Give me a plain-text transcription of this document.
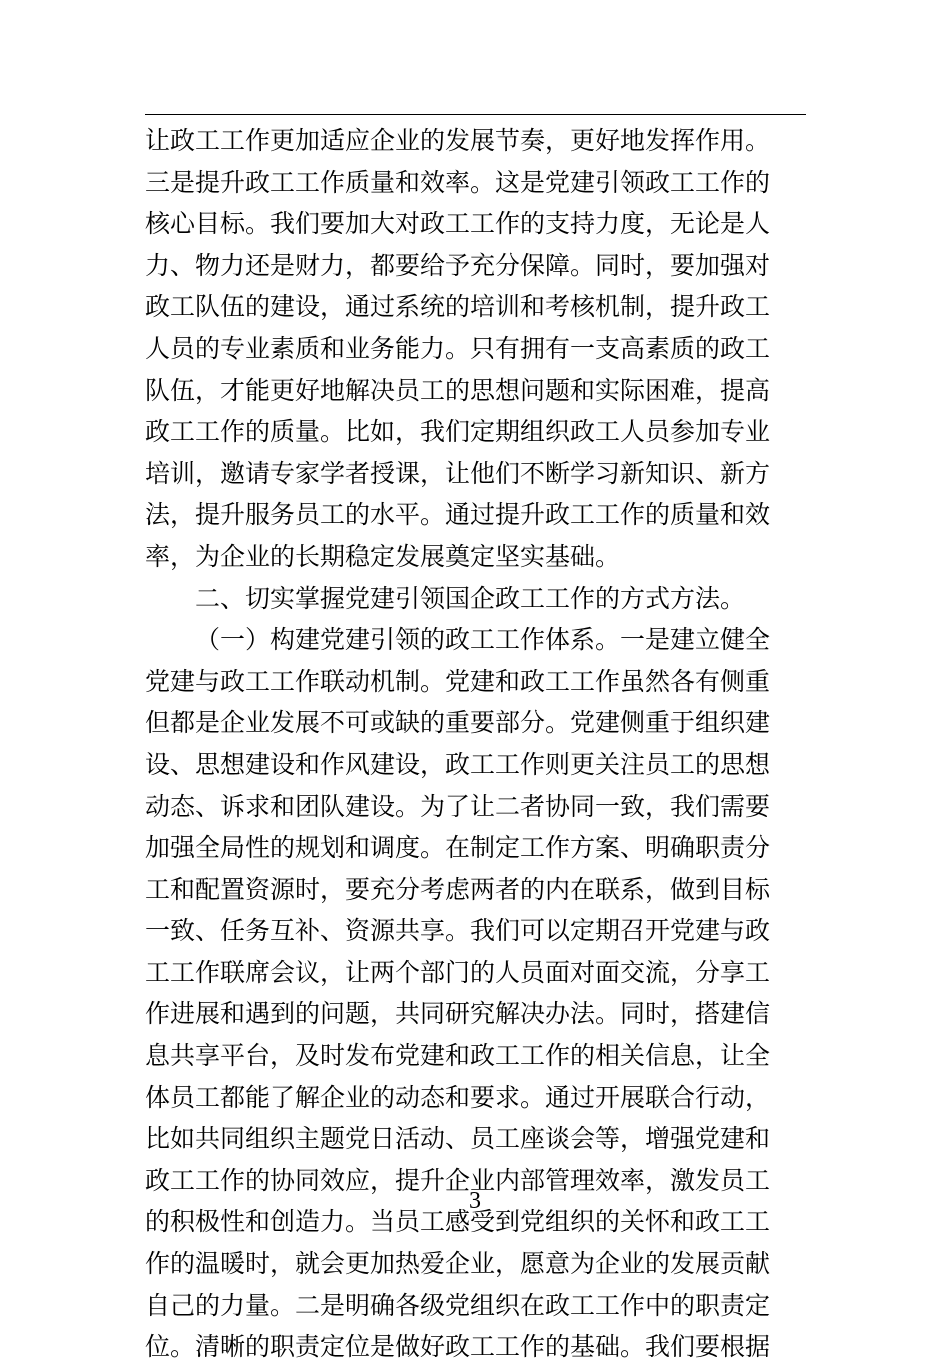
让政工工作更加适应企业的发展节奏，更好地发挥作用。
三是提升政工工作质量和效率。这是党建引领政工工作的
核心目标。我们要加大对政工工作的支持力度，无论是人
力、物力还是财力，都要给予充分保障。同时，要加强对
政工队伍的建设，通过系统的培训和考核机制，提升政工
人员的专业素质和业务能力。只有拥有一支高素质的政工
队伍，才能更好地解决员工的思想问题和实际困难，提高
政工工作的质量。比如，我们定期组织政工人员参加专业
培训，邀请专家学者授课，让他们不断学习新知识、新方
法，提升服务员工的水平。通过提升政工工作的质量和效
率，为企业的长期稳定发展奠定坚实基础。
二、切实掌握党建引领国企政工工作的方式方法。
（一）构建党建引领的政工工作体系。一是建立健全
党建与政工工作联动机制。党建和政工工作虽然各有侧重
但都是企业发展不可或缺的重要部分。党建侧重于组织建
设、思想建设和作风建设，政工工作则更关注员工的思想
动态、诉求和团队建设。为了让二者协同一致，我们需要
加强全局性的规划和调度。在制定工作方案、明确职责分
工和配置资源时，要充分考虑两者的内在联系，做到目标
一致、任务互补、资源共享。我们可以定期召开党建与政
工工作联席会议，让两个部门的人员面对面交流，分享工
作进展和遇到的问题，共同研究解决办法。同时，搭建信
息共享平台，及时发布党建和政工工作的相关信息，让全
体员工都能了解企业的动态和要求。通过开展联合行动，
比如共同组织主题党日活动、员工座谈会等，增强党建和
政工工作的协同效应，提升企业内部管理效率，激发员工
的积极性和创造力。当员工感受到党组织的关怀和政工工
作的温暖时，就会更加热爱企业，愿意为企业的发展贡献
自己的力量。二是明确各级党组织在政工工作中的职责定
位。清晰的职责定位是做好政工工作的基础。我们要根据
3
